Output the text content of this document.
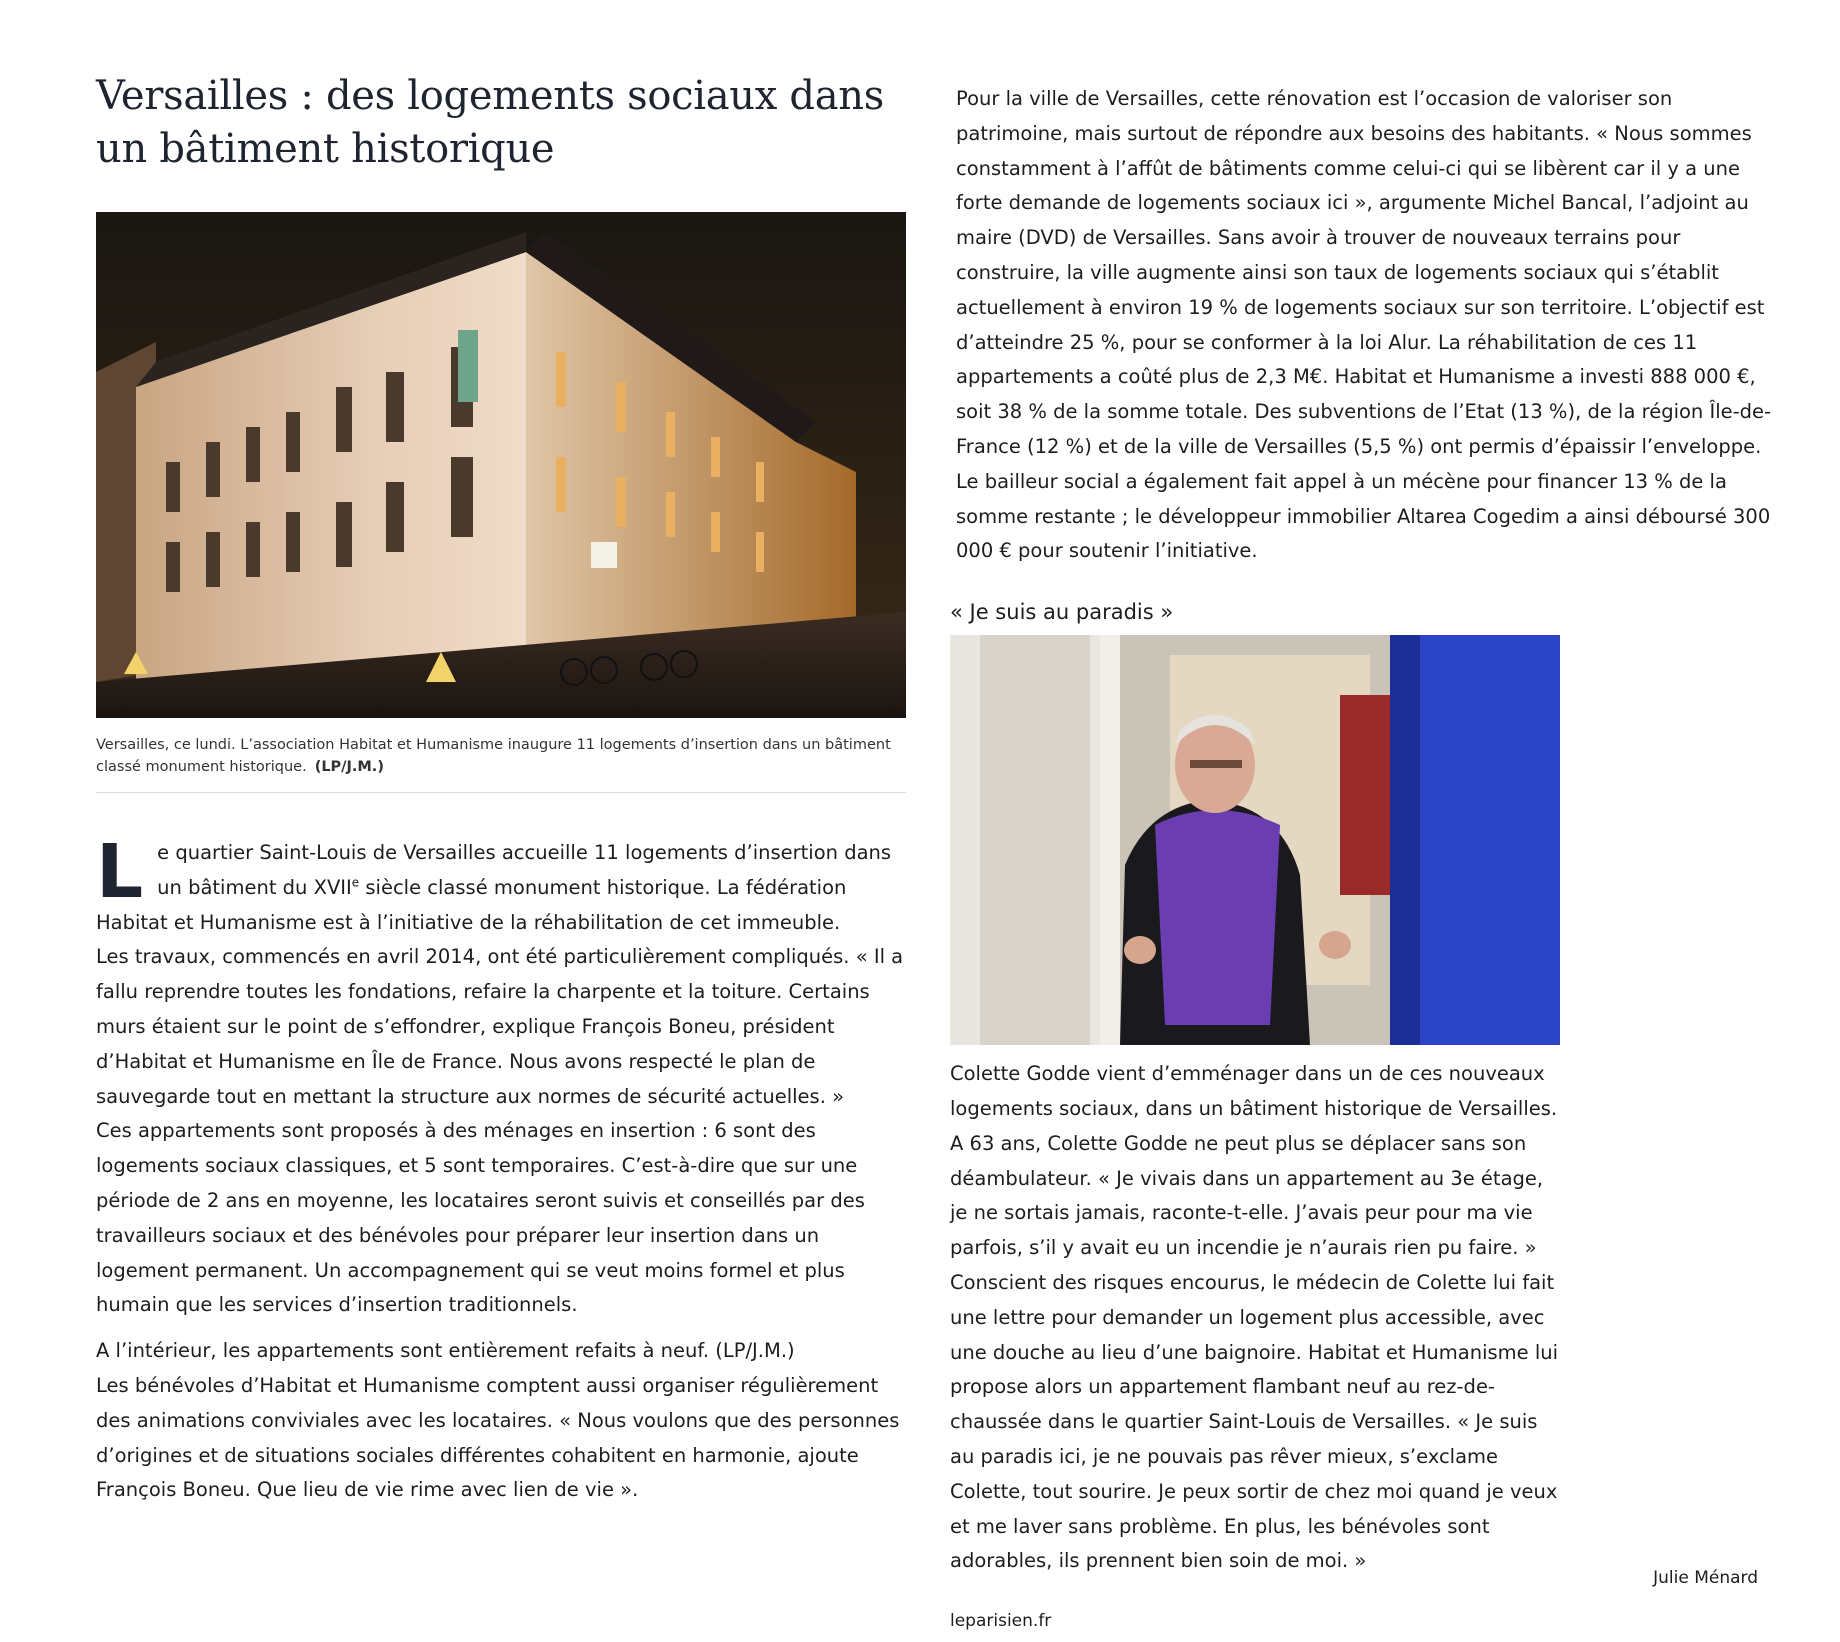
Versailles : des logements sociaux dans un bâtiment historique

Versailles, ce lundi. L’association Habitat et Humanisme inaugure 11 logements d’insertion dans un bâtiment classé monument historique. (LP/J.M.)

Le quartier Saint-Louis de Versailles accueille 11 logements d’insertion dans un bâtiment du XVIIe siècle classé monument historique. La fédération Habitat et Humanisme est à l’initiative de la réhabilitation de cet immeuble.

Les travaux, commencés en avril 2014, ont été particulièrement compliqués. « Il a fallu reprendre toutes les fondations, refaire la charpente et la toiture. Certains murs étaient sur le point de s’effondrer, explique François Boneu, président d’Habitat et Humanisme en Île de France. Nous avons respecté le plan de sauvegarde tout en mettant la structure aux normes de sécurité actuelles. »

Ces appartements sont proposés à des ménages en insertion : 6 sont des logements sociaux classiques, et 5 sont temporaires. C’est-à-dire que sur une période de 2 ans en moyenne, les locataires seront suivis et conseillés par des travailleurs sociaux et des bénévoles pour préparer leur insertion dans un logement permanent. Un accompagnement qui se veut moins formel et plus humain que les services d’insertion traditionnels.

A l’intérieur, les appartements sont entièrement refaits à neuf. (LP/J.M.)

Les bénévoles d’Habitat et Humanisme comptent aussi organiser régulièrement des animations conviviales avec les locataires. « Nous voulons que des personnes d’origines et de situations sociales différentes cohabitent en harmonie, ajoute François Boneu. Que lieu de vie rime avec lien de vie ».

Pour la ville de Versailles, cette rénovation est l’occasion de valoriser son patrimoine, mais surtout de répondre aux besoins des habitants. « Nous sommes constamment à l’affût de bâtiments comme celui-ci qui se libèrent car il y a une forte demande de logements sociaux ici », argumente Michel Bancal, l’adjoint au maire (DVD) de Versailles. Sans avoir à trouver de nouveaux terrains pour construire, la ville augmente ainsi son taux de logements sociaux qui s’établit actuellement à environ 19 % de logements sociaux sur son territoire. L’objectif est d’atteindre 25 %, pour se conformer à la loi Alur. La réhabilitation de ces 11 appartements a coûté plus de 2,3 M€. Habitat et Humanisme a investi 888 000 €, soit 38 % de la somme totale. Des subventions de l’Etat (13 %), de la région Île-de-France (12 %) et de la ville de Versailles (5,5 %) ont permis d’épaissir l’enveloppe. Le bailleur social a également fait appel à un mécène pour financer 13 % de la somme restante ; le développeur immobilier Altarea Cogedim a ainsi déboursé 300 000 € pour soutenir l’initiative.

« Je suis au paradis »

Colette Godde vient d’emménager dans un de ces nouveaux logements sociaux, dans un bâtiment historique de Versailles. A 63 ans, Colette Godde ne peut plus se déplacer sans son déambulateur. « Je vivais dans un appartement au 3e étage, je ne sortais jamais, raconte-t-elle. J’avais peur pour ma vie parfois, s’il y avait eu un incendie je n’aurais rien pu faire. » Conscient des risques encourus, le médecin de Colette lui fait une lettre pour demander un logement plus accessible, avec une douche au lieu d’une baignoire. Habitat et Humanisme lui propose alors un appartement flambant neuf au rez-de-chaussée dans le quartier Saint-Louis de Versailles. « Je suis au paradis ici, je ne pouvais pas rêver mieux, s’exclame Colette, tout sourire. Je peux sortir de chez moi quand je veux et me laver sans problème. En plus, les bénévoles sont adorables, ils prennent bien soin de moi. »

leparisien.fr
Julie Ménard
